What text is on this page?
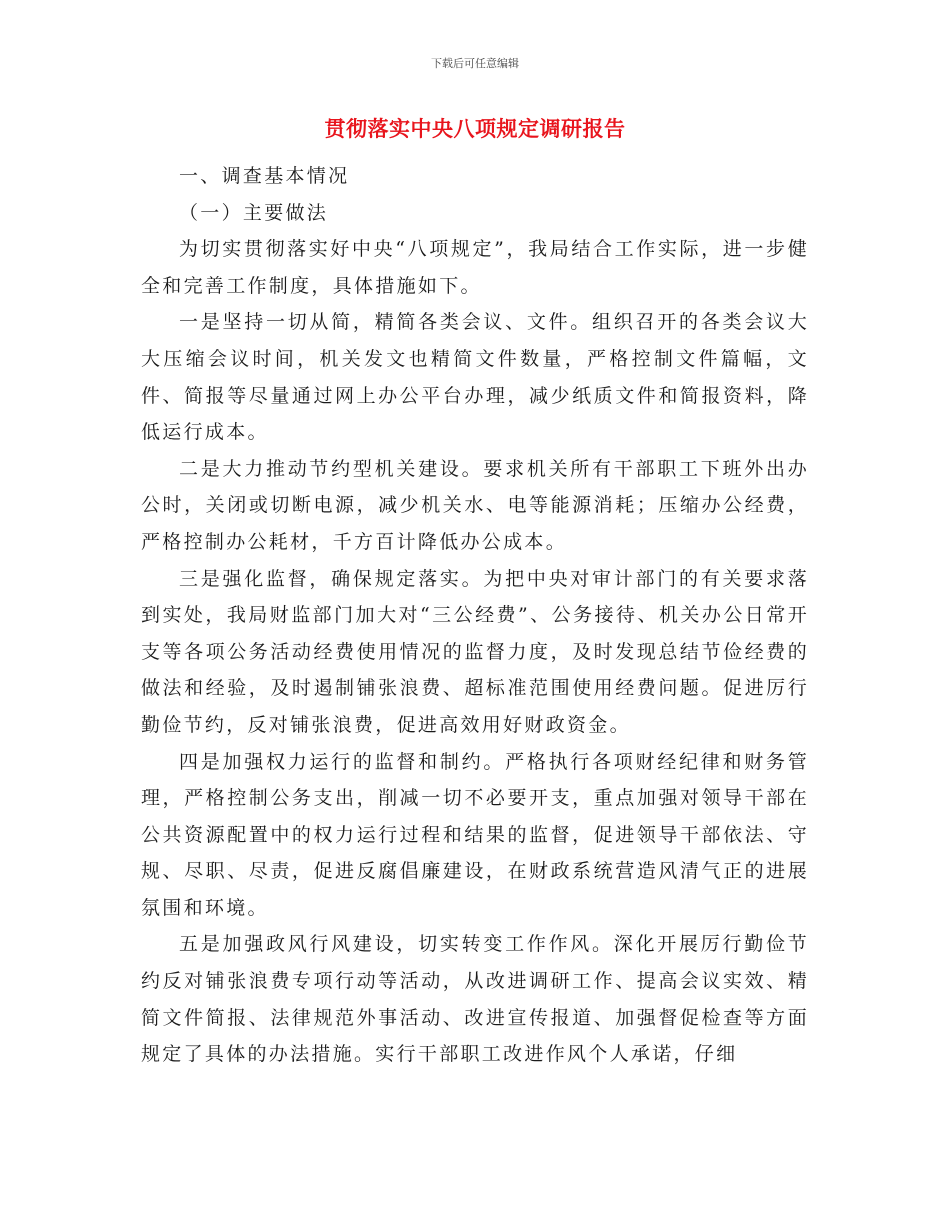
下载后可任意编辑
贯彻落实中央八项规定调研报告

一、调查基本情况

（一）主要做法

为切实贯彻落实好中央“八项规定”，我局结合工作实际，进一步健全和完善工作制度，具体措施如下。

一是坚持一切从简，精简各类会议、文件。组织召开的各类会议大大压缩会议时间，机关发文也精简文件数量，严格控制文件篇幅，文件、简报等尽量通过网上办公平台办理，减少纸质文件和简报资料，降低运行成本。

二是大力推动节约型机关建设。要求机关所有干部职工下班外出办公时，关闭或切断电源，减少机关水、电等能源消耗；压缩办公经费，严格控制办公耗材，千方百计降低办公成本。

三是强化监督，确保规定落实。为把中央对审计部门的有关要求落到实处，我局财监部门加大对“三公经费”、公务接待、机关办公日常开支等各项公务活动经费使用情况的监督力度，及时发现总结节俭经费的做法和经验，及时遏制铺张浪费、超标准范围使用经费问题。促进厉行勤俭节约，反对铺张浪费，促进高效用好财政资金。

四是加强权力运行的监督和制约。严格执行各项财经纪律和财务管理，严格控制公务支出，削减一切不必要开支，重点加强对领导干部在公共资源配置中的权力运行过程和结果的监督，促进领导干部依法、守规、尽职、尽责，促进反腐倡廉建设，在财政系统营造风清气正的进展氛围和环境。

五是加强政风行风建设，切实转变工作作风。深化开展厉行勤俭节约反对铺张浪费专项行动等活动，从改进调研工作、提高会议实效、精简文件简报、法律规范外事活动、改进宣传报道、加强督促检查等方面规定了具体的办法措施。实行干部职工改进作风个人承诺，仔细
